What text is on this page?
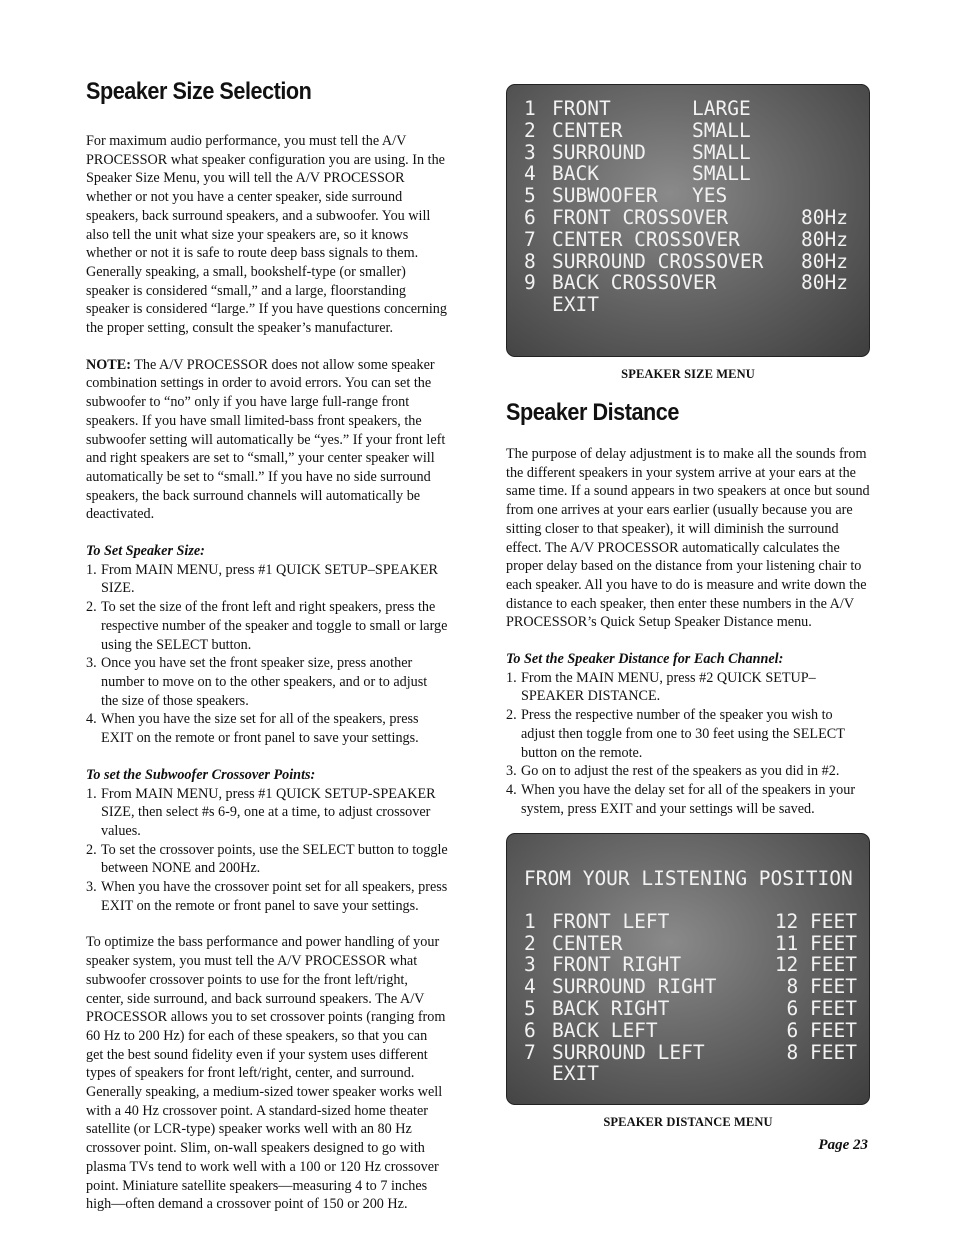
Speaker Size Selection

For maximum audio performance, you must tell the A/V PROCESSOR what speaker configuration you are using. In the Speaker Size Menu, you will tell the A/V PROCESSOR whether or not you have a center speaker, side surround speakers, back surround speakers, and a subwoofer. You will also tell the unit what size your speakers are, so it knows whether or not it is safe to route deep bass signals to them. Generally speaking, a small, bookshelf-type (or smaller) speaker is considered “small,” and a large, floorstanding speaker is considered “large.” If you have questions concerning the proper setting, consult the speaker’s manufacturer.

NOTE: The A/V PROCESSOR does not allow some speaker combination settings in order to avoid errors. You can set the subwoofer to “no” only if you have large full-range front speakers. If you have small limited-bass front speakers, the subwoofer setting will automatically be “yes.” If your front left and right speakers are set to “small,” your center speaker will automatically be set to “small.” If you have no side surround speakers, the back surround channels will automatically be deactivated.

To Set Speaker Size:
1. From MAIN MENU, press #1 QUICK SETUP–SPEAKER SIZE.
2. To set the size of the front left and right speakers, press the respective number of the speaker and toggle to small or large using the SELECT button.
3. Once you have set the front speaker size, press another number to move on to the other speakers, and or to adjust the size of those speakers.
4. When you have the size set for all of the speakers, press EXIT on the remote or front panel to save your settings.
To set the Subwoofer Crossover Points:
1. From MAIN MENU, press #1 QUICK SETUP-SPEAKER SIZE, then select #s 6-9, one at a time, to adjust crossover values.
2. To set the crossover points, use the SELECT button to toggle between NONE and 200Hz.
3. When you have the crossover point set for all speakers, press EXIT on the remote or front panel to save your settings.

To optimize the bass performance and power handling of your speaker system, you must tell the A/V PROCESSOR what subwoofer crossover points to use for the front left/right, center, side surround, and back surround speakers. The A/V PROCESSOR allows you to set crossover points (ranging from 60 Hz to 200 Hz) for each of these speakers, so that you can get the best sound fidelity even if your system uses different types of speakers for front left/right, center, and surround. Generally speaking, a medium-sized tower speaker works well with a 40 Hz crossover point. A standard-sized home theater satellite (or LCR-type) speaker works well with an 80 Hz crossover point. Slim, on-wall speakers designed to go with plasma TVs tend to work well with a 100 or 120 Hz crossover point. Miniature satellite speakers—measuring 4 to 7 inches high—often demand a crossover point of 150 or 200 Hz.

1 FRONT	LARGE
2 CENTER	SMALL
3 SURROUND	SMALL
4 BACK	SMALL
5 SUBWOOFER	YES
6 FRONT CROSSOVER	80Hz
7 CENTER CROSSOVER	80Hz
8 SURROUND CROSSOVER 80Hz
9 BACK CROSSOVER	80Hz
EXIT
SPEAKER SIZE MENU
Speaker Distance

The purpose of delay adjustment is to make all the sounds from the different speakers in your system arrive at your ears at the same time. If a sound appears in two speakers at once but sound from one arrives at your ears earlier (usually because you are sitting closer to that speaker), it will diminish the surround effect. The A/V PROCESSOR automatically calculates the proper delay based on the distance from your listening chair to each speaker. All you have to do is measure and write down the distance to each speaker, then enter these numbers in the A/V PROCESSOR’s Quick Setup Speaker Distance menu.

To Set the Speaker Distance for Each Channel:
1. From the MAIN MENU, press #2 QUICK SETUP–SPEAKER DISTANCE.
2. Press the respective number of the speaker you wish to adjust then toggle from one to 30 feet using the SELECT button on the remote.
3. Go on to adjust the rest of the speakers as you did in #2.
4. When you have the delay set for all of the speakers in your system, press EXIT and your settings will be saved.
FROM YOUR LISTENING POSITION
1 FRONT LEFT	12 FEET
2 CENTER	11 FEET
3 FRONT RIGHT	12 FEET
4 SURROUND RIGHT	8 FEET
5 BACK RIGHT	6 FEET
6 BACK LEFT	6 FEET
7 SURROUND LEFT	8 FEET
EXIT
SPEAKER DISTANCE MENU
Page 23
